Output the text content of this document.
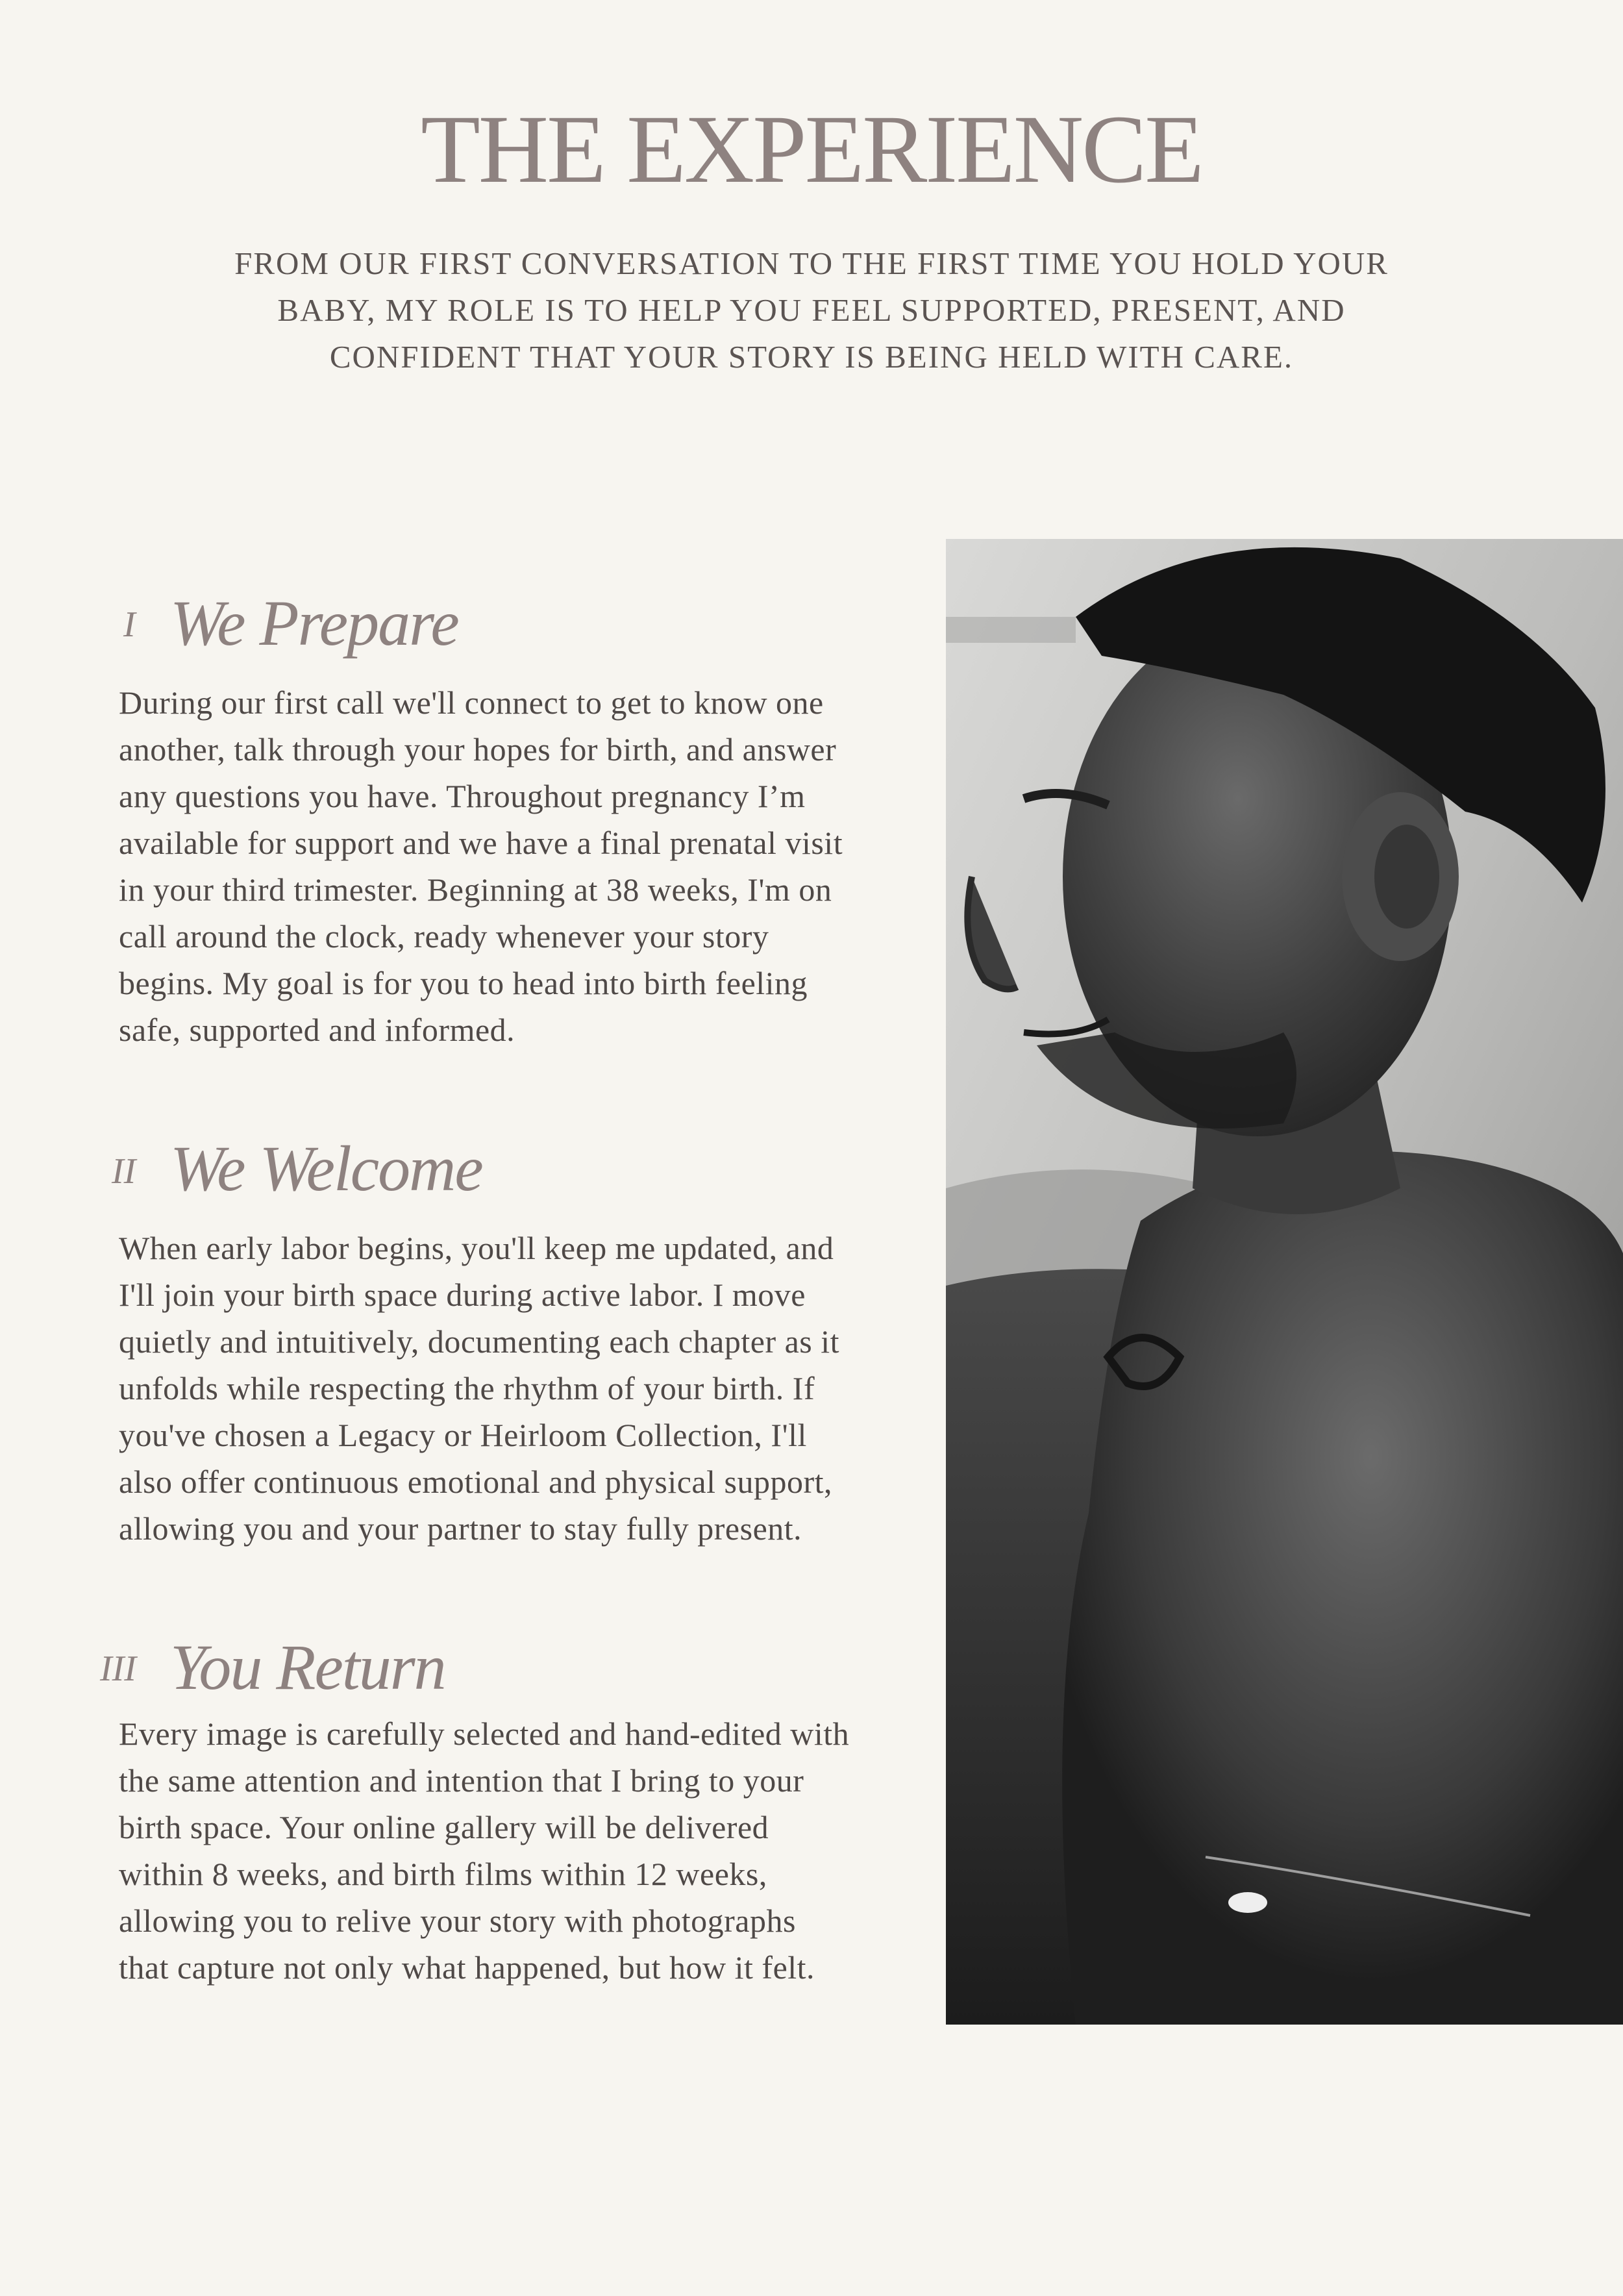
THE EXPERIENCE
FROM OUR FIRST CONVERSATION TO THE FIRST TIME YOU HOLD YOUR
BABY, MY ROLE IS TO HELP YOU FEEL SUPPORTED, PRESENT, AND
CONFIDENT THAT YOUR STORY IS BEING HELD WITH CARE.
I We Prepare
During our first call we'll connect to get to know one
another, talk through your hopes for birth, and answer
any questions you have. Throughout pregnancy I’m
available for support and we have a final prenatal visit
in your third trimester. Beginning at 38 weeks, I'm on
call around the clock, ready whenever your story
begins. My goal is for you to head into birth feeling
safe, supported and informed.
II We Welcome
When early labor begins, you'll keep me updated, and
I'll join your birth space during active labor. I move
quietly and intuitively, documenting each chapter as it
unfolds while respecting the rhythm of your birth. If
you've chosen a Legacy or Heirloom Collection, I'll
also offer continuous emotional and physical support,
allowing you and your partner to stay fully present.
III You Return
Every image is carefully selected and hand-edited with
the same attention and intention that I bring to your
birth space. Your online gallery will be delivered
within 8 weeks, and birth films within 12 weeks,
allowing you to relive your story with photographs
that capture not only what happened, but how it felt.
